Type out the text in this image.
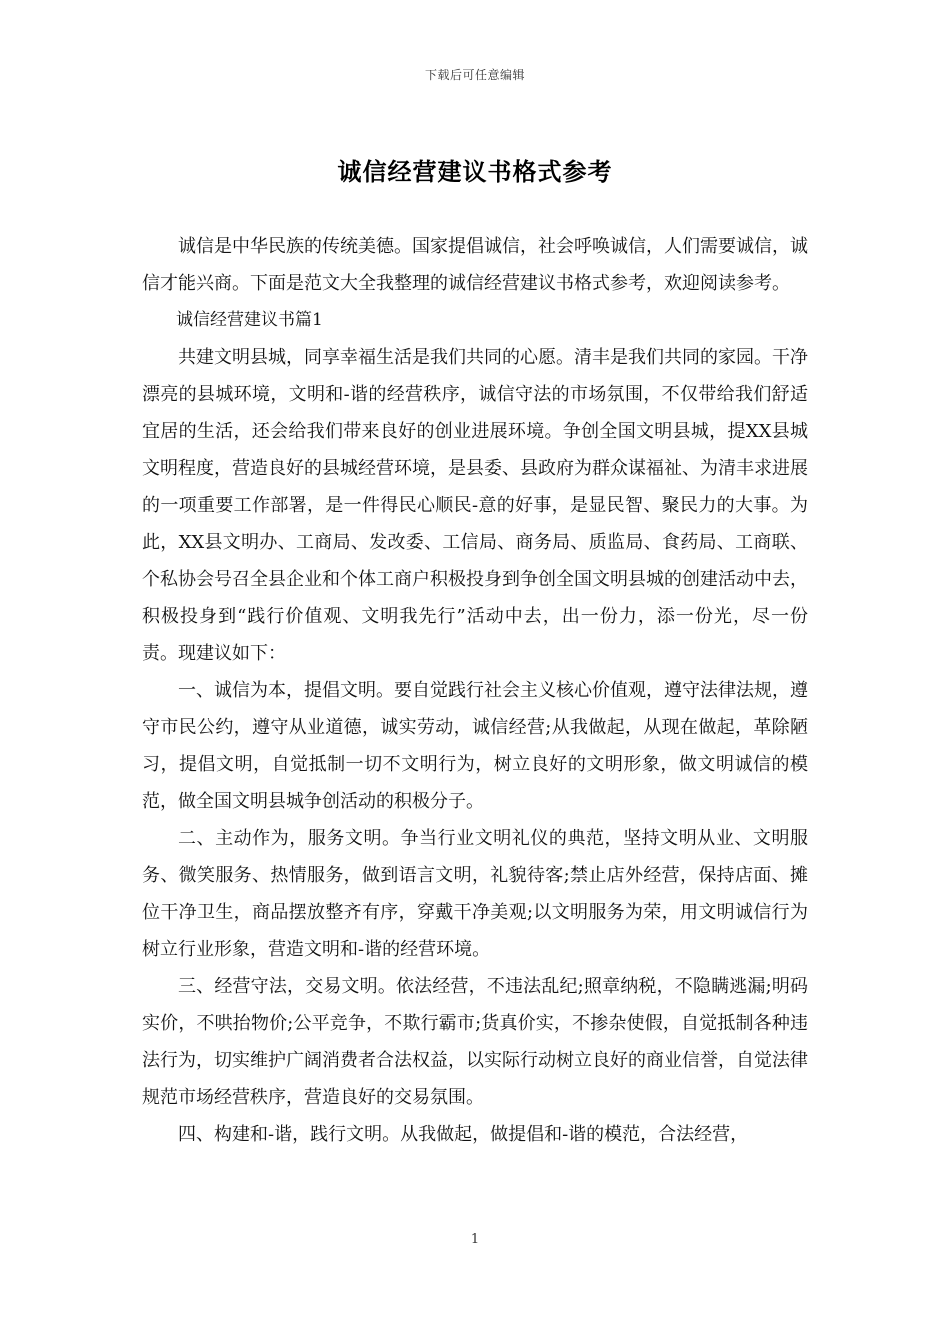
下载后可任意编辑
诚信经营建议书格式参考

诚信是中华民族的传统美德。国家提倡诚信，社会呼唤诚信，人们需要诚信，诚信才能兴商。下面是范文大全我整理的诚信经营建议书格式参考，欢迎阅读参考。

诚信经营建议书篇1

共建文明县城，同享幸福生活是我们共同的心愿。清丰是我们共同的家园。干净漂亮的县城环境，文明和-谐的经营秩序，诚信守法的市场氛围，不仅带给我们舒适宜居的生活，还会给我们带来良好的创业进展环境。争创全国文明县城，提XX县城文明程度，营造良好的县城经营环境，是县委、县政府为群众谋福祉、为清丰求进展的一项重要工作部署，是一件得民心顺民-意的好事，是显民智、聚民力的大事。为此，XX县文明办、工商局、发改委、工信局、商务局、质监局、食药局、工商联、个私协会号召全县企业和个体工商户积极投身到争创全国文明县城的创建活动中去，积极投身到“践行价值观、文明我先行”活动中去，出一份力，添一份光，尽一份责。现建议如下：

一、诚信为本，提倡文明。要自觉践行社会主义核心价值观，遵守法律法规，遵守市民公约，遵守从业道德，诚实劳动，诚信经营;从我做起，从现在做起，革除陋习，提倡文明，自觉抵制一切不文明行为，树立良好的文明形象，做文明诚信的模范，做全国文明县城争创活动的积极分子。

二、主动作为，服务文明。争当行业文明礼仪的典范，坚持文明从业、文明服务、微笑服务、热情服务，做到语言文明，礼貌待客;禁止店外经营，保持店面、摊位干净卫生，商品摆放整齐有序，穿戴干净美观;以文明服务为荣，用文明诚信行为树立行业形象，营造文明和-谐的经营环境。

三、经营守法，交易文明。依法经营，不违法乱纪;照章纳税，不隐瞒逃漏;明码实价，不哄抬物价;公平竞争，不欺行霸市;货真价实，不掺杂使假，自觉抵制各种违法行为，切实维护广阔消费者合法权益，以实际行动树立良好的商业信誉，自觉法律规范市场经营秩序，营造良好的交易氛围。

四、构建和-谐，践行文明。从我做起，做提倡和-谐的模范，合法经营，

1
